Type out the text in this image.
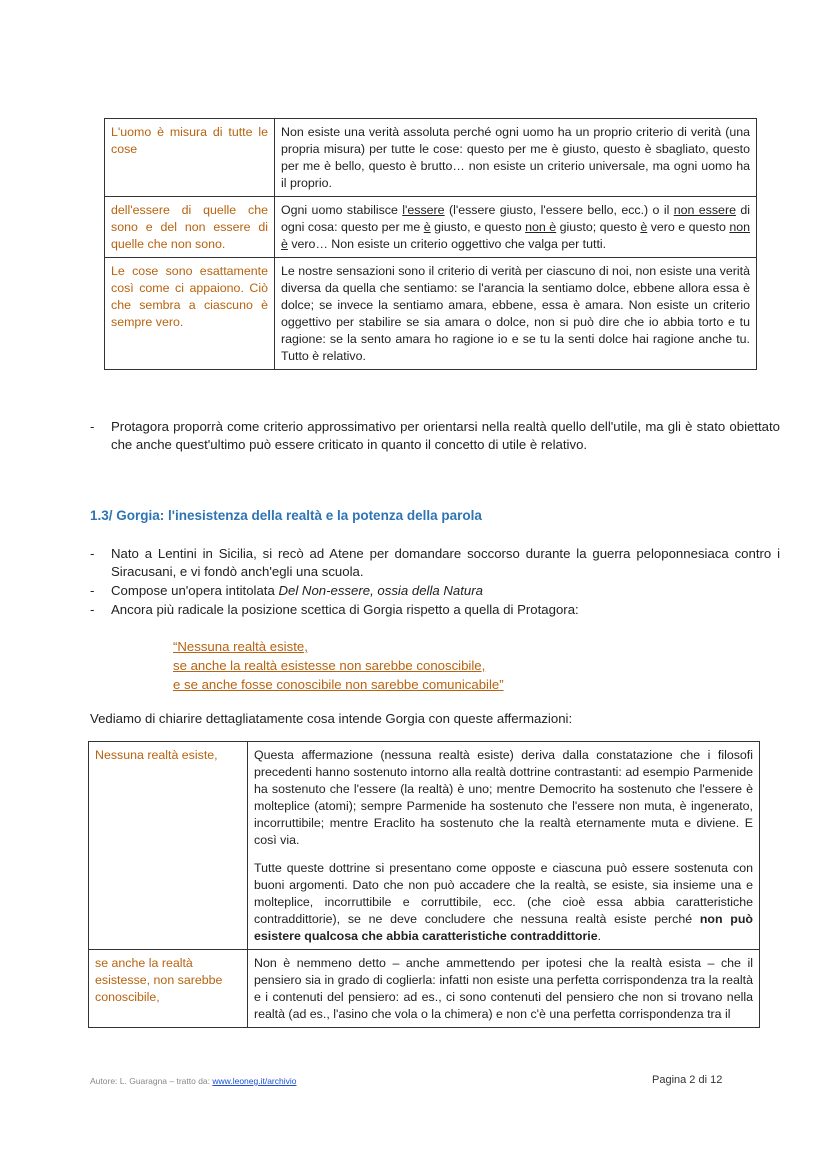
L'uomo è misura di tutte le cose	Non esiste una verità assoluta perché ogni uomo ha un proprio criterio di verità (una propria misura) per tutte le cose: questo per me è giusto, questo è sbagliato, questo per me è bello, questo è brutto… non esiste un criterio universale, ma ogni uomo ha il proprio.
dell'essere di quelle che sono e del non essere di quelle che non sono.	Ogni uomo stabilisce l'essere (l'essere giusto, l'essere bello, ecc.) o il non essere di ogni cosa: questo per me è giusto, e questo non è giusto; questo è vero e questo non è vero… Non esiste un criterio oggettivo che valga per tutti.
Le cose sono esattamente così come ci appaiono. Ciò che sembra a ciascuno è sempre vero.	Le nostre sensazioni sono il criterio di verità per ciascuno di noi, non esiste una verità diversa da quella che sentiamo: se l'arancia la sentiamo dolce, ebbene allora essa è dolce; se invece la sentiamo amara, ebbene, essa è amara. Non esiste un criterio oggettivo per stabilire se sia amara o dolce, non si può dire che io abbia torto e tu ragione: se la sento amara ho ragione io e se tu la senti dolce hai ragione anche tu. Tutto è relativo.
- Protagora proporrà come criterio approssimativo per orientarsi nella realtà quello dell'utile, ma gli è stato obiettato che anche quest'ultimo può essere criticato in quanto il concetto di utile è relativo.
1.3/ Gorgia: l'inesistenza della realtà e la potenza della parola
- Nato a Lentini in Sicilia, si recò ad Atene per domandare soccorso durante la guerra peloponnesiaca contro i Siracusani, e vi fondò anch'egli una scuola.
- Compose un'opera intitolata Del Non-essere, ossia della Natura
- Ancora più radicale la posizione scettica di Gorgia rispetto a quella di Protagora:
“Nessuna realtà esiste,
se anche la realtà esistesse non sarebbe conoscibile,
e se anche fosse conoscibile non sarebbe comunicabile”
Vediamo di chiarire dettagliatamente cosa intende Gorgia con queste affermazioni:
Nessuna realtà esiste,	Questa affermazione (nessuna realtà esiste) deriva dalla constatazione che i filosofi precedenti hanno sostenuto intorno alla realtà dottrine contrastanti: ad esempio Parmenide ha sostenuto che l'essere (la realtà) è uno; mentre Democrito ha sostenuto che l'essere è molteplice (atomi); sempre Parmenide ha sostenuto che l'essere non muta, è ingenerato, incorruttibile; mentre Eraclito ha sostenuto che la realtà eternamente muta e diviene. E così via.

Tutte queste dottrine si presentano come opposte e ciascuna può essere sostenuta con buoni argomenti. Dato che non può accadere che la realtà, se esiste, sia insieme una e molteplice, incorruttibile e corruttibile, ecc. (che cioè essa abbia caratteristiche contraddittorie), se ne deve concludere che nessuna realtà esiste perché non può esistere qualcosa che abbia caratteristiche contraddittorie.

se anche la realtà esistesse, non sarebbe conoscibile,	Non è nemmeno detto – anche ammettendo per ipotesi che la realtà esista – che il pensiero sia in grado di coglierla: infatti non esiste una perfetta corrispondenza tra la realtà e i contenuti del pensiero: ad es., ci sono contenuti del pensiero che non si trovano nella realtà (ad es., l'asino che vola o la chimera) e non c'è una perfetta corrispondenza tra il
Autore: L. Guaragna – tratto da: www.leoneg.it/archivio	Pagina 2 di 12
